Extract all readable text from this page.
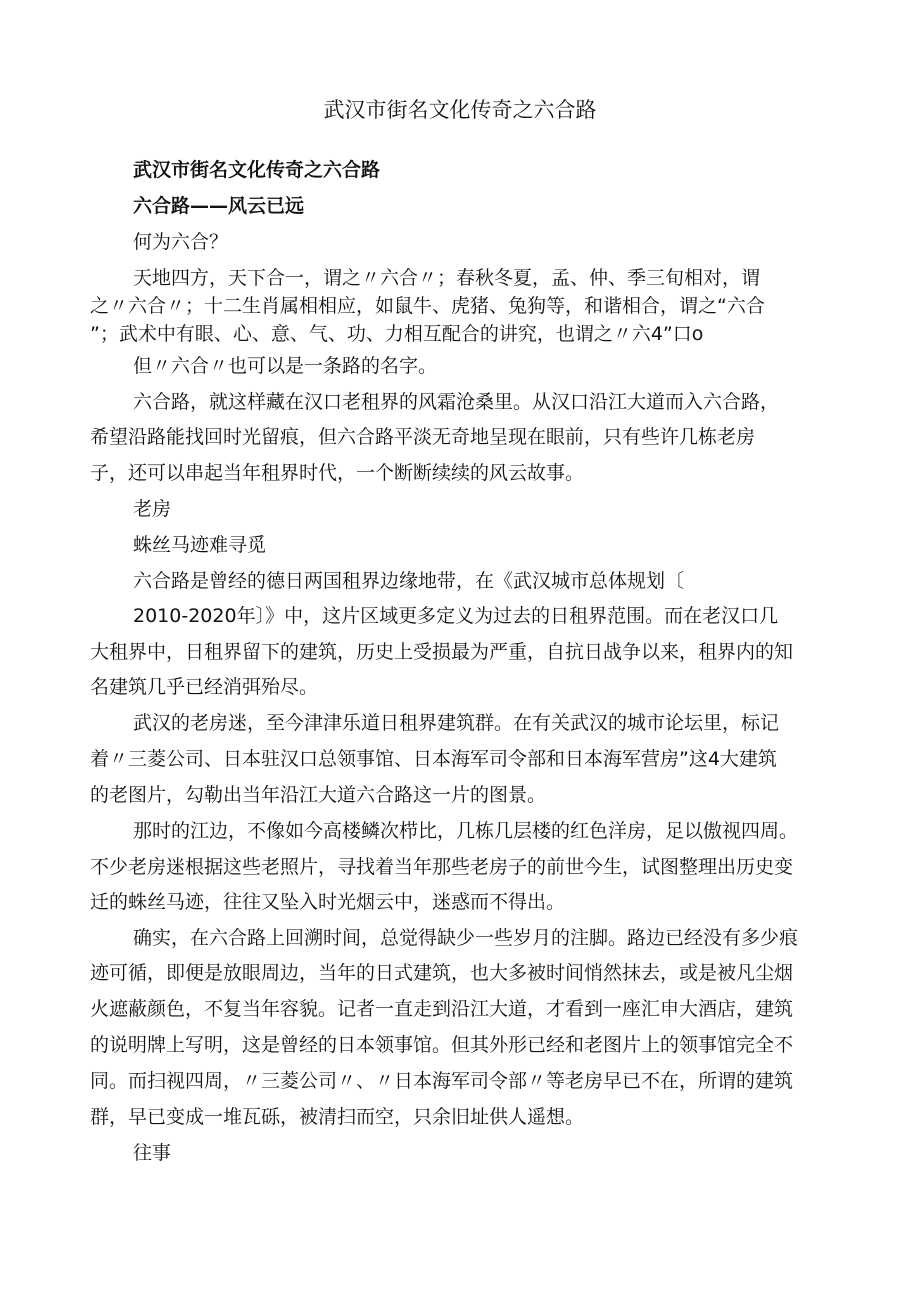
武汉市街名文化传奇之六合路

武汉市街名文化传奇之六合路

六合路——风云已远

何为六合？

天地四方，天下合一，谓之〃六合〃；春秋冬夏，孟、仲、季三旬相对，谓

之〃六合〃；十二生肖属相相应，如鼠牛、虎猪、兔狗等，和谐相合，谓之“六合

”；武术中有眼、心、意、气、功、力相互配合的讲究，也谓之〃六4”口o

但〃六合〃也可以是一条路的名字。

六合路，就这样藏在汉口老租界的风霜沧桑里。从汉口沿江大道而入六合路，

希望沿路能找回时光留痕，但六合路平淡无奇地呈现在眼前，只有些许几栋老房

子，还可以串起当年租界时代，一个断断续续的风云故事。

老房

蛛丝马迹难寻觅

六合路是曾经的德日两国租界边缘地带，在《武汉城市总体规划〔

2010-2020年〕》中，这片区域更多定义为过去的日租界范围。而在老汉口几

大租界中，日租界留下的建筑，历史上受损最为严重，自抗日战争以来，租界内的知

名建筑几乎已经消弭殆尽。

武汉的老房迷，至今津津乐道日租界建筑群。在有关武汉的城市论坛里，标记

着〃三菱公司、日本驻汉口总领事馆、日本海军司令部和日本海军营房”这4大建筑

的老图片，勾勒出当年沿江大道六合路这一片的图景。

那时的江边，不像如今高楼鳞次栉比，几栋几层楼的红色洋房，足以傲视四周。

不少老房迷根据这些老照片，寻找着当年那些老房子的前世今生，试图整理出历史变

迁的蛛丝马迹，往往又坠入时光烟云中，迷惑而不得出。

确实，在六合路上回溯时间，总觉得缺少一些岁月的注脚。路边已经没有多少痕

迹可循，即便是放眼周边，当年的日式建筑，也大多被时间悄然抹去，或是被凡尘烟

火遮蔽颜色，不复当年容貌。记者一直走到沿江大道，才看到一座汇申大酒店，建筑

的说明牌上写明，这是曾经的日本领事馆。但其外形已经和老图片上的领事馆完全不

同。而扫视四周，〃三菱公司〃、〃日本海军司令部〃等老房早已不在，所谓的建筑

群，早已变成一堆瓦砾，被清扫而空，只余旧址供人遥想。

往事
